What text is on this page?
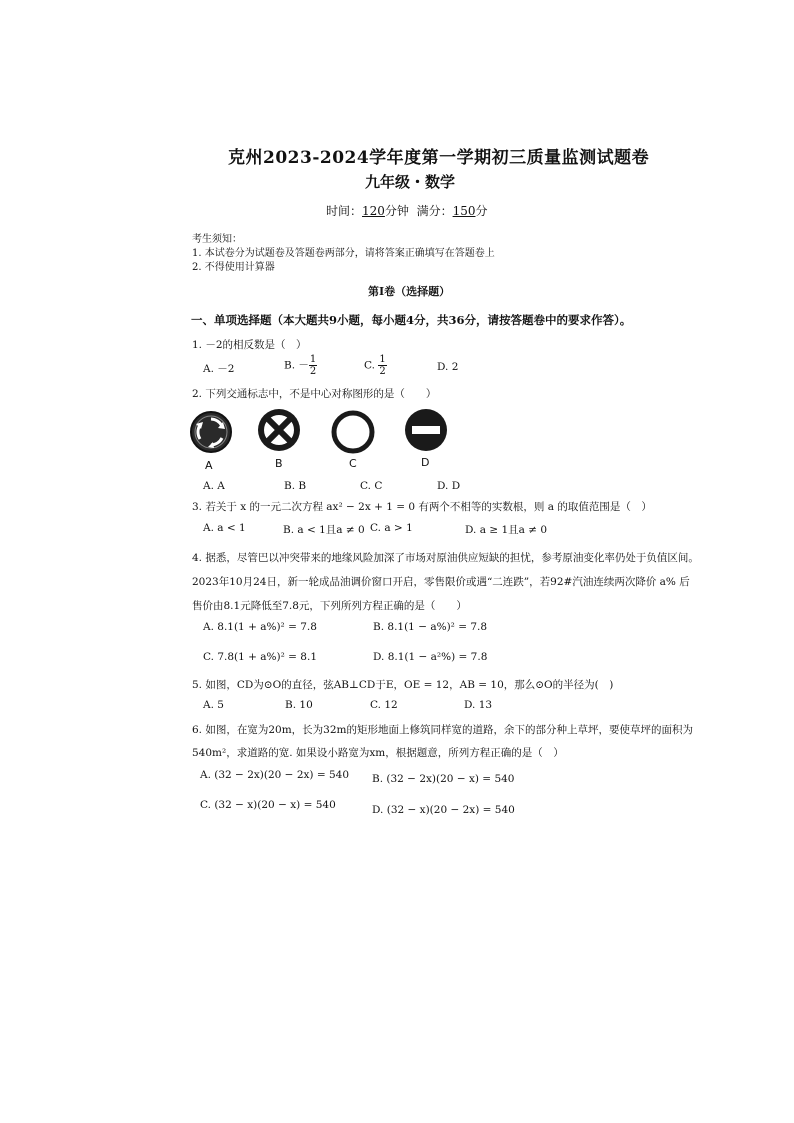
克州2023-2024学年度第一学期初三质量监测试题卷
九年级・数学
时间：120分钟 满分：150分
考生须知：
1. 本试卷分为试题卷及答题卷两部分，请将答案正确填写在答题卷上
2. 不得使用计算器
第Ⅰ卷（选择题）
一、单项选择题（本大题共9小题，每小题4分，共36分，请按答题卷中的要求作答）。
1. －2的相反数是（　）
A. －2	B. － $\frac{1}{2}$	C. $\frac{1}{2}$	D. 2
2. 下列交通标志中，不是中心对称图形的是（　　）
A	B	C	D
A. A	B. B	C. C	D. D
3. 若关于 x 的一元二次方程 ax² − 2x + 1 = 0 有两个不相等的实数根，则 a 的取值范围是（　）
A. a < 1	B. a < 1且a ≠ 0 C. a > 1	D. a ≥ 1且a ≠ 0
4. 据悉，尽管巴以冲突带来的地缘风险加深了市场对原油供应短缺的担忧，参考原油变化率仍处于负值区间。
2023年10月24日，新一轮成品油调价窗口开启，零售限价或遇“二连跌”，若92#汽油连续两次降价 a% 后
售价由8.1元降低至7.8元，下列所列方程正确的是（　　）
A. 8.1(1 + a%)² = 7.8	B. 8.1(1 − a%)² = 7.8
C. 7.8(1 + a%)² = 8.1	D. 8.1(1 − a²%) = 7.8
5. 如图，CD为⊙O的直径，弦AB⊥CD于E，OE = 12，AB = 10，那么⊙O的半径为(　)
A. 5	B. 10	C. 12	D. 13
6. 如图，在宽为20m，长为32m的矩形地面上修筑同样宽的道路，余下的部分种上草坪，要使草坪的面积为
540m²，求道路的宽. 如果设小路宽为xm，根据题意，所列方程正确的是（　）
A. (32 − 2x)(20 − 2x) = 540 B. (32 − 2x)(20 − x) = 540
C. (32 − x)(20 − x) = 540	D. (32 − x)(20 − 2x) = 540
